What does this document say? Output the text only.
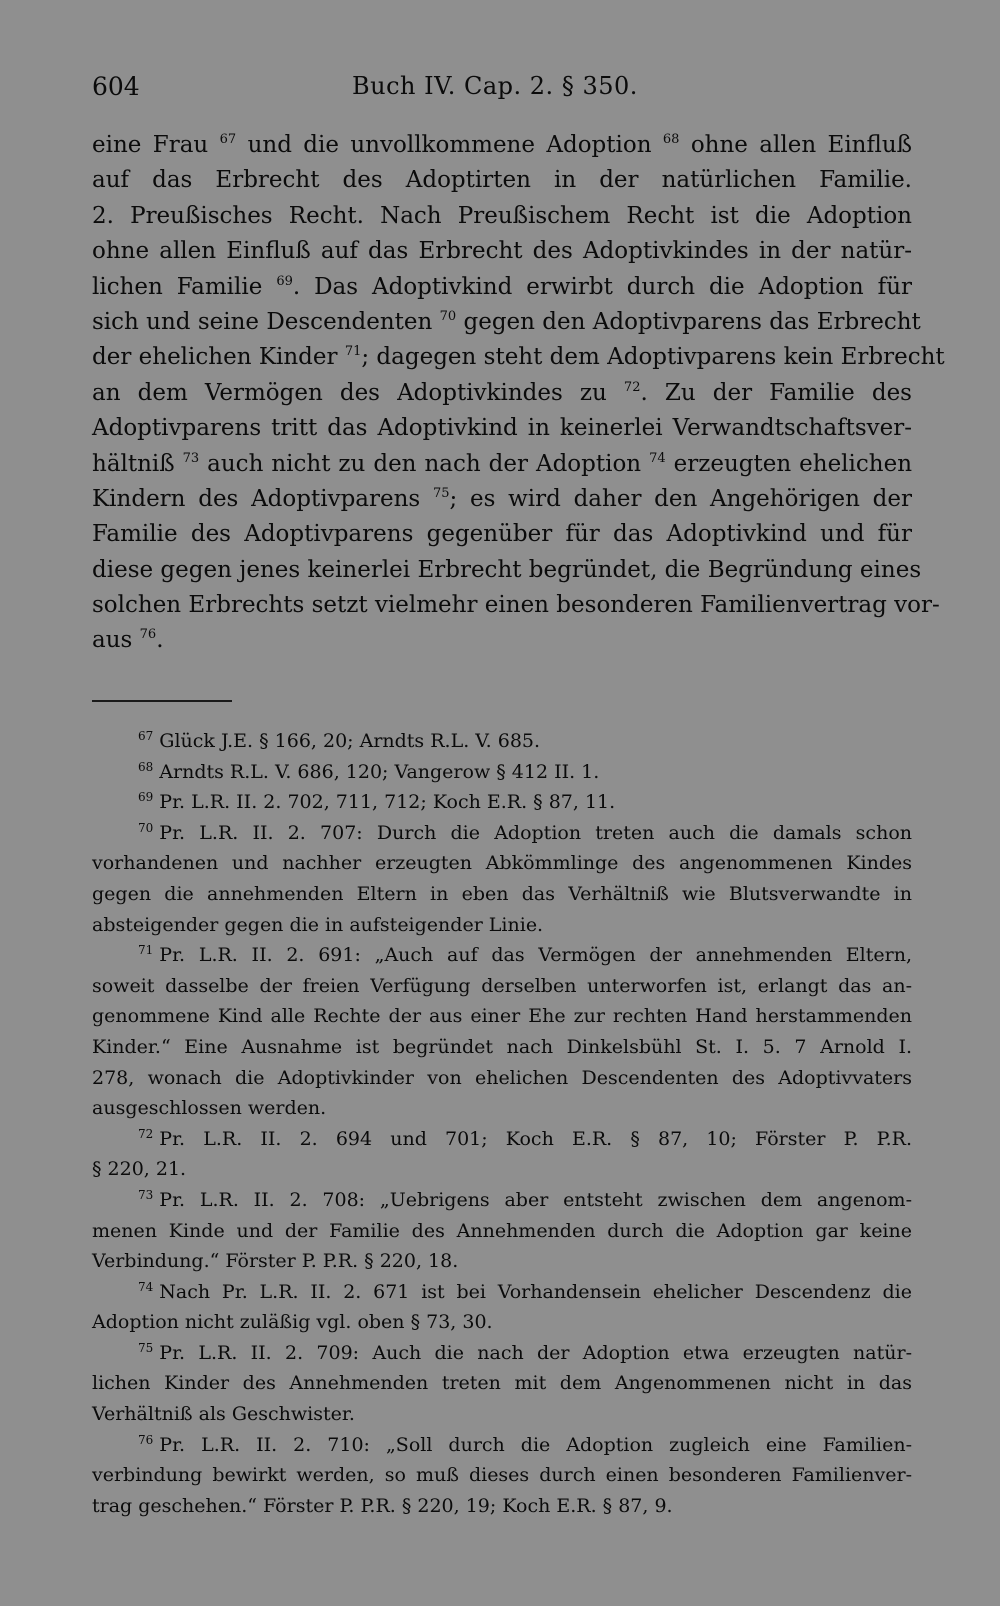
604	Buch IV. Cap. 2. § 350.
eine Frau $^{67}$ und die unvollkommene Adoption $^{68}$ ohne allen Einfluß
auf das Erbrecht des Adoptirten in der natürlichen Familie.
2. Preußisches Recht. Nach Preußischem Recht ist die Adoption
ohne allen Einfluß auf das Erbrecht des Adoptivkindes in der natür-
lichen Familie $^{69}$. Das Adoptivkind erwirbt durch die Adoption für
sich und seine Descendenten $^{70}$ gegen den Adoptivparens das Erbrecht
der ehelichen Kinder $^{71}$; dagegen steht dem Adoptivparens kein Erbrecht
an dem Vermögen des Adoptivkindes zu $^{72}$. Zu der Familie des
Adoptivparens tritt das Adoptivkind in keinerlei Verwandtschaftsver-
hältniß $^{73}$ auch nicht zu den nach der Adoption $^{74}$ erzeugten ehelichen
Kindern des Adoptivparens $^{75}$; es wird daher den Angehörigen der
Familie des Adoptivparens gegenüber für das Adoptivkind und für
diese gegen jenes keinerlei Erbrecht begründet, die Begründung eines
solchen Erbrechts setzt vielmehr einen besonderen Familienvertrag vor-
aus $^{76}$.
$^{67}$ Glück J.E. § 166, 20; Arndts R.L. V. 685.
$^{68}$ Arndts R.L. V. 686, 120; Vangerow § 412 II. 1.
$^{69}$ Pr. L.R. II. 2. 702, 711, 712; Koch E.R. § 87, 11.
$^{70}$ Pr. L.R. II. 2. 707: Durch die Adoption treten auch die damals schon
vorhandenen und nachher erzeugten Abkömmlinge des angenommenen Kindes
gegen die annehmenden Eltern in eben das Verhältniß wie Blutsverwandte in
absteigender gegen die in aufsteigender Linie.
$^{71}$ Pr. L.R. II. 2. 691: „Auch auf das Vermögen der annehmenden Eltern,
soweit dasselbe der freien Verfügung derselben unterworfen ist, erlangt das an-
genommene Kind alle Rechte der aus einer Ehe zur rechten Hand herstammenden
Kinder.“ Eine Ausnahme ist begründet nach Dinkelsbühl St. I. 5. 7 Arnold I.
278, wonach die Adoptivkinder von ehelichen Descendenten des Adoptivvaters
ausgeschlossen werden.
$^{72}$ Pr. L.R. II. 2. 694 und 701; Koch E.R. § 87, 10; Förster P. P.R.
§ 220, 21.
$^{73}$ Pr. L.R. II. 2. 708: „Uebrigens aber entsteht zwischen dem angenom-
menen Kinde und der Familie des Annehmenden durch die Adoption gar keine
Verbindung.“ Förster P. P.R. § 220, 18.
$^{74}$ Nach Pr. L.R. II. 2. 671 ist bei Vorhandensein ehelicher Descendenz die
Adoption nicht zuläßig vgl. oben § 73, 30.
$^{75}$ Pr. L.R. II. 2. 709: Auch die nach der Adoption etwa erzeugten natür-
lichen Kinder des Annehmenden treten mit dem Angenommenen nicht in das
Verhältniß als Geschwister.
$^{76}$ Pr. L.R. II. 2. 710: „Soll durch die Adoption zugleich eine Familien-
verbindung bewirkt werden, so muß dieses durch einen besonderen Familienver-
trag geschehen.“ Förster P. P.R. § 220, 19; Koch E.R. § 87, 9.
